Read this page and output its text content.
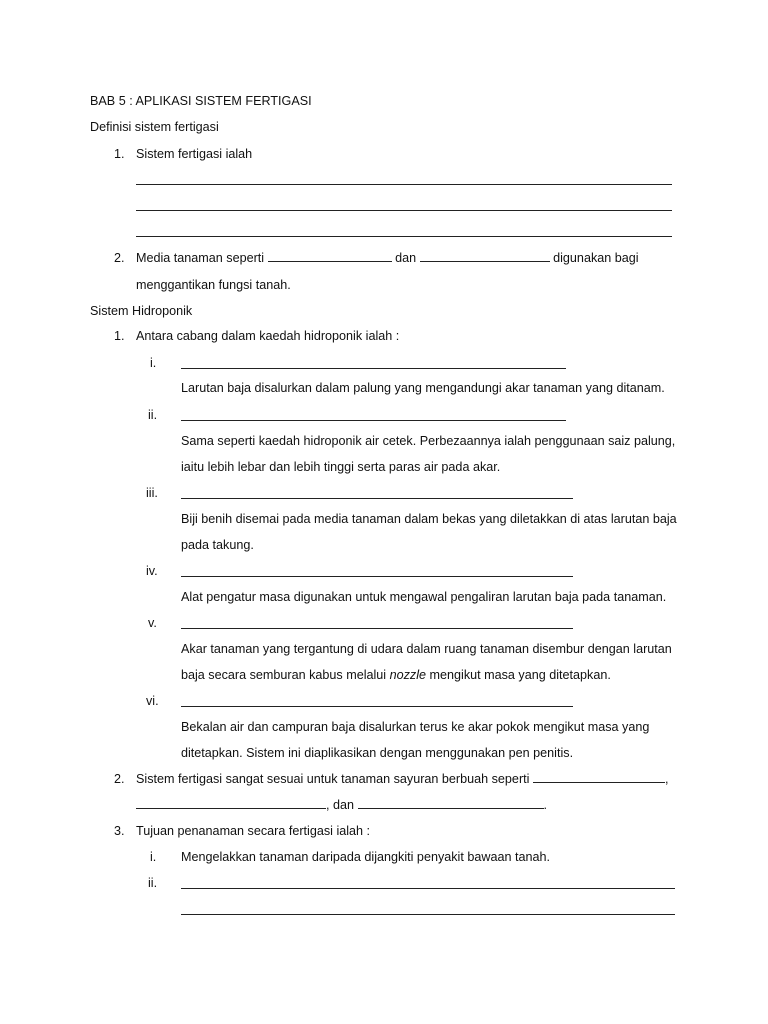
BAB 5 : APLIKASI SISTEM FERTIGASI
Definisi sistem fertigasi
1. Sistem fertigasi ialah
2. Media tanaman seperti	dan	digunakan bagi
menggantikan fungsi tanah.
Sistem Hidroponik
1. Antara cabang dalam kaedah hidroponik ialah :
i.
Larutan baja disalurkan dalam palung yang mengandungi akar tanaman yang ditanam.
ii.
Sama seperti kaedah hidroponik air cetek. Perbezaannya ialah penggunaan saiz palung,
iaitu lebih lebar dan lebih tinggi serta paras air pada akar.
iii.
Biji benih disemai pada media tanaman dalam bekas yang diletakkan di atas larutan baja
pada takung.
iv.
Alat pengatur masa digunakan untuk mengawal pengaliran larutan baja pada tanaman.
v.
Akar tanaman yang tergantung di udara dalam ruang tanaman disembur dengan larutan
baja secara semburan kabus melalui nozzle mengikut masa yang ditetapkan.
vi.
Bekalan air dan campuran baja disalurkan terus ke akar pokok mengikut masa yang
ditetapkan. Sistem ini diaplikasikan dengan menggunakan pen penitis.
2. Sistem fertigasi sangat sesuai untuk tanaman sayuran berbuah seperti	,
, dan	.
3. Tujuan penanaman secara fertigasi ialah :
i. Mengelakkan tanaman daripada dijangkiti penyakit bawaan tanah.
ii.
